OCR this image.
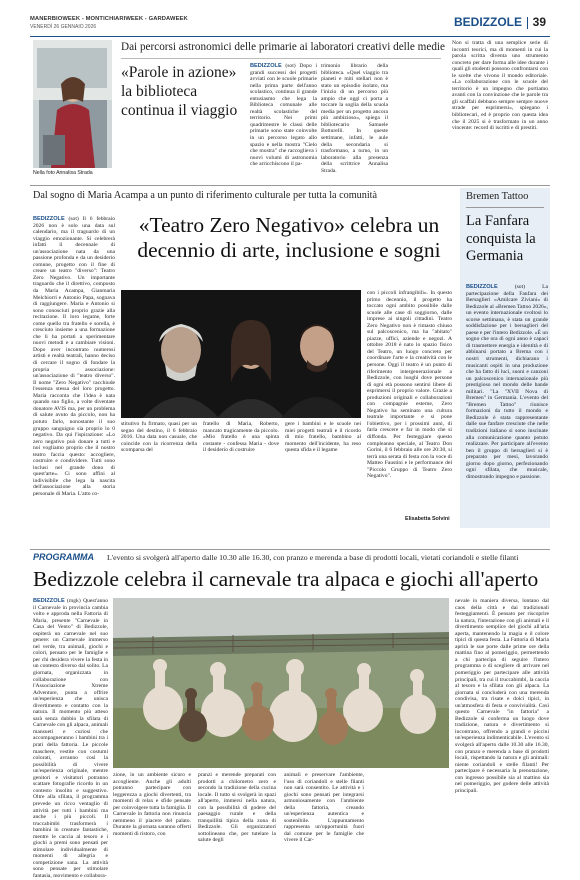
MANERBIOWEEK - MONTICHIARIWEEK - GARDAWEEK
VENERDÌ 26 GENNAIO 2026	BEDIZZOLE 39
Nella foto Annalisa Strada
Dai percorsi astronomici delle primarie ai laboratori creativi delle medie
«Parole in azione» la biblioteca continua il viaggio
BEDIZZOLE (sot) Dopo i grandi successi dei progetti avviati con le scuole primarie nella prima parte dell'anno scolastico, continua il grande entusiasmo che lega la Biblioteca comunale alle realtà scolastiche del territorio. Nei primi quadrimestre le classi delle primarie sono state coinvolte in un percorso legato allo spazio e nella mostra "Cielo che mostra" che raccoglieva i nuovi volumi di astronomia che arricchiscono il pa-
trimonio librario della biblioteca. «Quel viaggio tra pianeti e miti stellari non è stato un episodio isolato, ma l'inizio di un percorso più ampio che oggi ci porta a toccare la soglia della scuola media per un progetto ancora più ambizioso», spiega il bibliotecario Samuele Botturelli. In queste settimane, infatti, le aule della secondaria si trasformano, a turno, in un laboratorio alla presenza della scrittrice Annalisa Strada.
Non si tratta di una semplice serie di incontri teorici, ma di momenti in cui la parola scritta diventa uno strumento concreto per dare forma alle idee durante i quali gli studenti possono confrontarsi con le scelte che vivono il mondo editoriale. «La collaborazione con le scuole del territorio è un impegno che portiamo avanti con la convinzione che le parole tra gli scaffali debbano sempre sempre nuove strade per esprimersi», spiegano i bibliotecari, ed è proprio con questa idea che il 2025 si è trasformato in un anno vincente: record di iscritti e di prestiti.
Dal sogno di Maria Acampa a un punto di riferimento culturale per tutta la comunità
«Teatro Zero Negativo» celebra un decennio di arte, inclusione e sogni
BEDIZZOLE (sot) Il 6 febbraio 2026 non è solo una data sul calendario, ma il traguardo di un viaggio emozionante. Si celebrerà infatti il decennale di un'associazione nata da una passione profonda e da un desiderio comune, progetto con il fine di creare un teatro "diverso": Teatro Zero Negativo. Un importante traguardo che il direttivo, composto da Maria Acampa, Gianmaria Melchiorri e Antonio Papa, sognava di raggiungere. Maria e Antonio si sono conosciuti proprio grazie alla recitazione. Il loro legame, forte come quello tra fratello e sorella, è cresciuto insieme a una formazione che li ha portati a sperimentare nuovi metodi e a cambiare visioni. Dopo aver incontrato numerosi artisti e realtà teatrali, hanno deciso di cercare il sogno di fondare la propria associazione: un'associazione di "teatro diverso". Il nome "Zero Negativo" racchiude l'essenza stessa del loro progetto. Maria racconta che l'idea è nata quando suo figlio, a volte diventate donatore AVIS ma, per un problema di salute avuto da piccolo, non ha potuto farlo, nonostante il suo gruppo sanguigno sia proprio lo 0 negativo. Da qui l'ispirazione: «Lo zero negativo può donare a tutti e noi vogliamo proprio che il nostro teatro faccia questo: accogliere, costruire e condividere. Tutti sono inclusi nel grande dono di quest'arte». Ci sono affini al indivisibile che lega la nascita dell'associazione alla storia personale di Maria. L'atto co-
stitutivo fu firmato, quasi per un segno del destino, il 6 febbraio 2016. Una data non casuale, che coincide con la ricorrenza della scomparsa del
fratello di Maria, Roberto, mancato tragicamente da piccolo. «Mio fratello è una spinta costante - confessa Maria - dove il desiderio di costruire
gere i bambini e le scuole nei miei progetti teatrali e il ricordo di mio fratello, bambino al momento dell'incidente, ha reso questa sfida e il legame
con i piccoli infrangibili». In questo primo decennio, il progetto ha toccato ogni ambito possibile dalle scuole alle case di soggiorno, dalle imprese ai singoli cittadini. Teatro Zero Negativo non è rimasto chiuso sul palcoscenico, ma ha "abitato" piazze, uffici, aziende e negozi. A ottobre 2018 è nato lo spazio fisico del Teatro, un luogo concreto per coordinare l'arte e la creatività con le persone. Oggi il teatro è un punto di riferimento intergenerazionale a Bedizzole, con luoghi dove persone di ogni età possono sentirsi libere di esprimersi il proprio valore. Grazie a produzioni originali e collaborazioni con compagnie esterne, Zero Negativo ha seminato una cultura teatrale importante e si pone l'obiettivo, per i prossimi anni, di farla crescere e far in modo che si diffonda. Per festeggiare questo compleanno speciale, al Teatro Don Gorini, il 6 febbraio alle ore 20:30, si terrà una serata di festa con la voce di Matteo Faustini e le performance del "Piccolo Gruppo di Teatro Zero Negativo".
Elisabetta Solvini
Bremen Tattoo
La Fanfara conquista la Germania
BEDIZZOLE	(sot)	La partecipazione della Fanfara dei Bersaglieri «Amilcare Ziviani» di Bedizzole al «Bremen Tattoo 2026», un evento internazionale svoltosi lo scorse settimana, è stata un grande soddisfazione per i bersaglieri del paese e per l'intero Bedizzole. «È un sogno che ora di ogni anno è capaci di trasmettere energia e identità e di abbinarsi portato a Brema con i nostri strumenti, dichiarano i musicanti ospiti in una produzione che ha fatto di luci, suoni e canzoni un palcoscenico internazionale più prestigioso nel mondo delle bande militari. "La "XVII Nova di Bremen" in Germania. L'evento del "Bremen Tattoo" riunisce formazioni da tutto il mondo e Bedizzole è stata rappresentante dalle sue fanfare cresciute che nelle tradizioni italiano si sono inscinate alla comunicazione quanto potuto realizzare. Per participare all'evento ben il gruppo di bersaglieri si è preparato per mesi, lavorando giorno dopo giorno, perfezionando ogni sfilata, che musicale, dimostrando impegno e passione.
PROGRAMMA L'evento si svolgerà all'aperto dalle 10.30 alle 16.30, con pranzo e merenda a base di prodotti locali, vietati coriandoli e stelle filanti
Bedizzole celebra il carnevale tra alpaca e giochi all'aperto
BEDIZZOLE (mgk) Quest'anno il Carnevale in provincia cambia volto e approda nella Fattoria di Maria, presente "Carnevale in Casa del Vento" di Bedizzole, ospiterà un carnevale nel suo genere: un Carnevale immerso nel verde, tra animali, giochi e colori, pensato per le famiglie e per chi desidera vivere la festa in un contesto diverso dal solito. La giornata, organizzata in collaborazione con l'Associazione Xtreme Adventure, punta a offrire un'esperienza che unisca divertimento e contatto con la natura. Il momento più atteso sarà senza dubbio la sfilata di Carnevale con gli alpaca, animali mansueti e curiosi che accompagneranno i bambini tra i prati della fattoria. Le piccole maschere, vestite con costumi colorati, avranno così la possibilità di vivere un'esperienza originale, mentre genitori e visitatori potranno scattare fotografie ricordo in un contesto insolito e suggestivo. Oltre alla sfilata, il programma prevede un ricco ventaglio di attività per tutti i bambini ma anche i più piccoli. Il truccabimbi trasformerà i bambini in creature fantastiche, mentre le caccia al tesoro e i giochi a premi sono pensati per stimolare individualmente di momenti di allegria e competizione sana. La attività sono pensate per stimolare fantasia, movimento e collabora-
zione, in un ambiente sicuro e accogliente. Anche gli adulti potranno partecipare con leggerezza a giochi divertenti, tra momenti di relax e sfide pensate per coinvolgere tutta la famiglia. Il Carnevale in fattoria non rinuncia nemmeno il piacere del palato. Durante la giornata saranno offerti momenti di ristoro, con
pranzi e merende preparati con prodotti a chilometro zero e secondo la tradizione della cucina locale. Il tutto si svolgerà in spazi all'aperto, immersi nella natura, con la possibilità di godere del paesaggio rurale e della tranquillità tipica della zona di Bedizzole. Gli organizzatori sottolineano che, per tutelare la salute degli
animali e preservare l'ambiente, l'uso di coriandoli e stelle filanti non sarà consentito. Le attività e i giochi sono pensati per integrarsi armoniosamente con l'ambiente della fattoria, creando un'esperienza autentica e sostenibile. L'appuntamento rappresenta un'opportunità fuori dal comune per le famiglie che vivere il Car-
nevale in maniera diversa, lontano dal caos della città e dai tradizionali festeggiamenti. È pensato per riscoprire la natura, l'interazione con gli animali e il divertimento semplice del giochi all'aria aperta, mantenendo la magia e il colore tipici di questa festa. La Fattoria di Maria aprirà le sue porte dalle prime ore della mattina fino al pomeriggio, permettendo a chi partecipa di seguire l'intero programma o di scegliere di arrivare nel pomeriggio per partecipare alle attività principali, tra cui il truccabimbi, la caccia al tesoro e la sfilata con gli alpaca. La giornata si concluderà con una merenda condivisa, tra risate e dolci tipici, in un'atmosfera di festa e convivialità. Così questo Carnevale "in fattoria" a Bedizzole si conferma un luogo dove tradizione, natura e divertimento si incontrano, offrendo a grandi e piccini un'esperienza indimenticabile. L'evento si svolgerà all'aperto dalle 10.30 alle 16.30, con pranzo e merenda a base di prodotti locali, rispettando la natura e gli animali: niente coriandoli e stelle filanti! Per partecipare è necessaria la prenotazione, con ingresso possibile sia al mattino sia nel pomeriggio, per godere delle attività principali.
